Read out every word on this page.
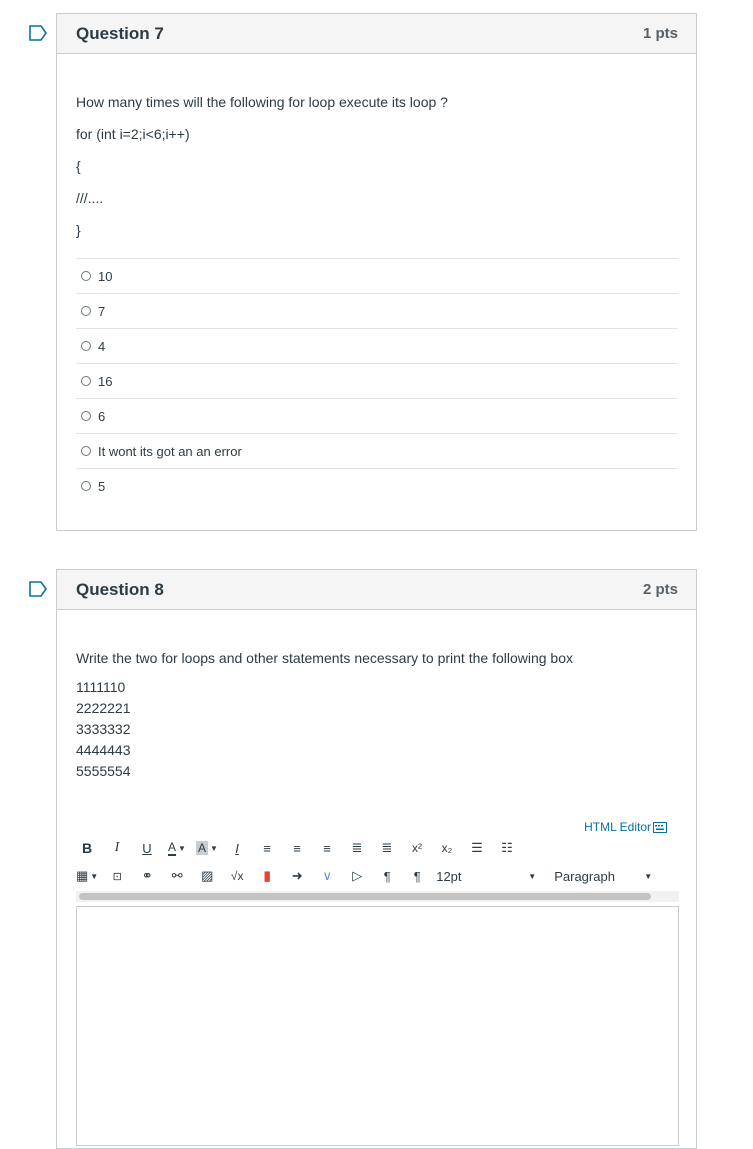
Question 7	1 pts
How many times will the following for loop execute its loop ?
for (int i=2;i<6;i++)
{
///....
}
10
7
4
16
6
It wont its got an an error
5
Question 8	2 pts
Write the two for loops and other statements necessary to print the following box
1111110
2222221
3333332
4444443
5555554
HTML Editor
B	I	U	A ▼ A ▼	I	≡	≡	≡	≣	≣	x²	x₂	☰	☷
▦ ▼	⊡	⚭	⚯	▨	√x	▮	➜	∨	▷	¶	¶	12pt	▼ Paragraph	▼
